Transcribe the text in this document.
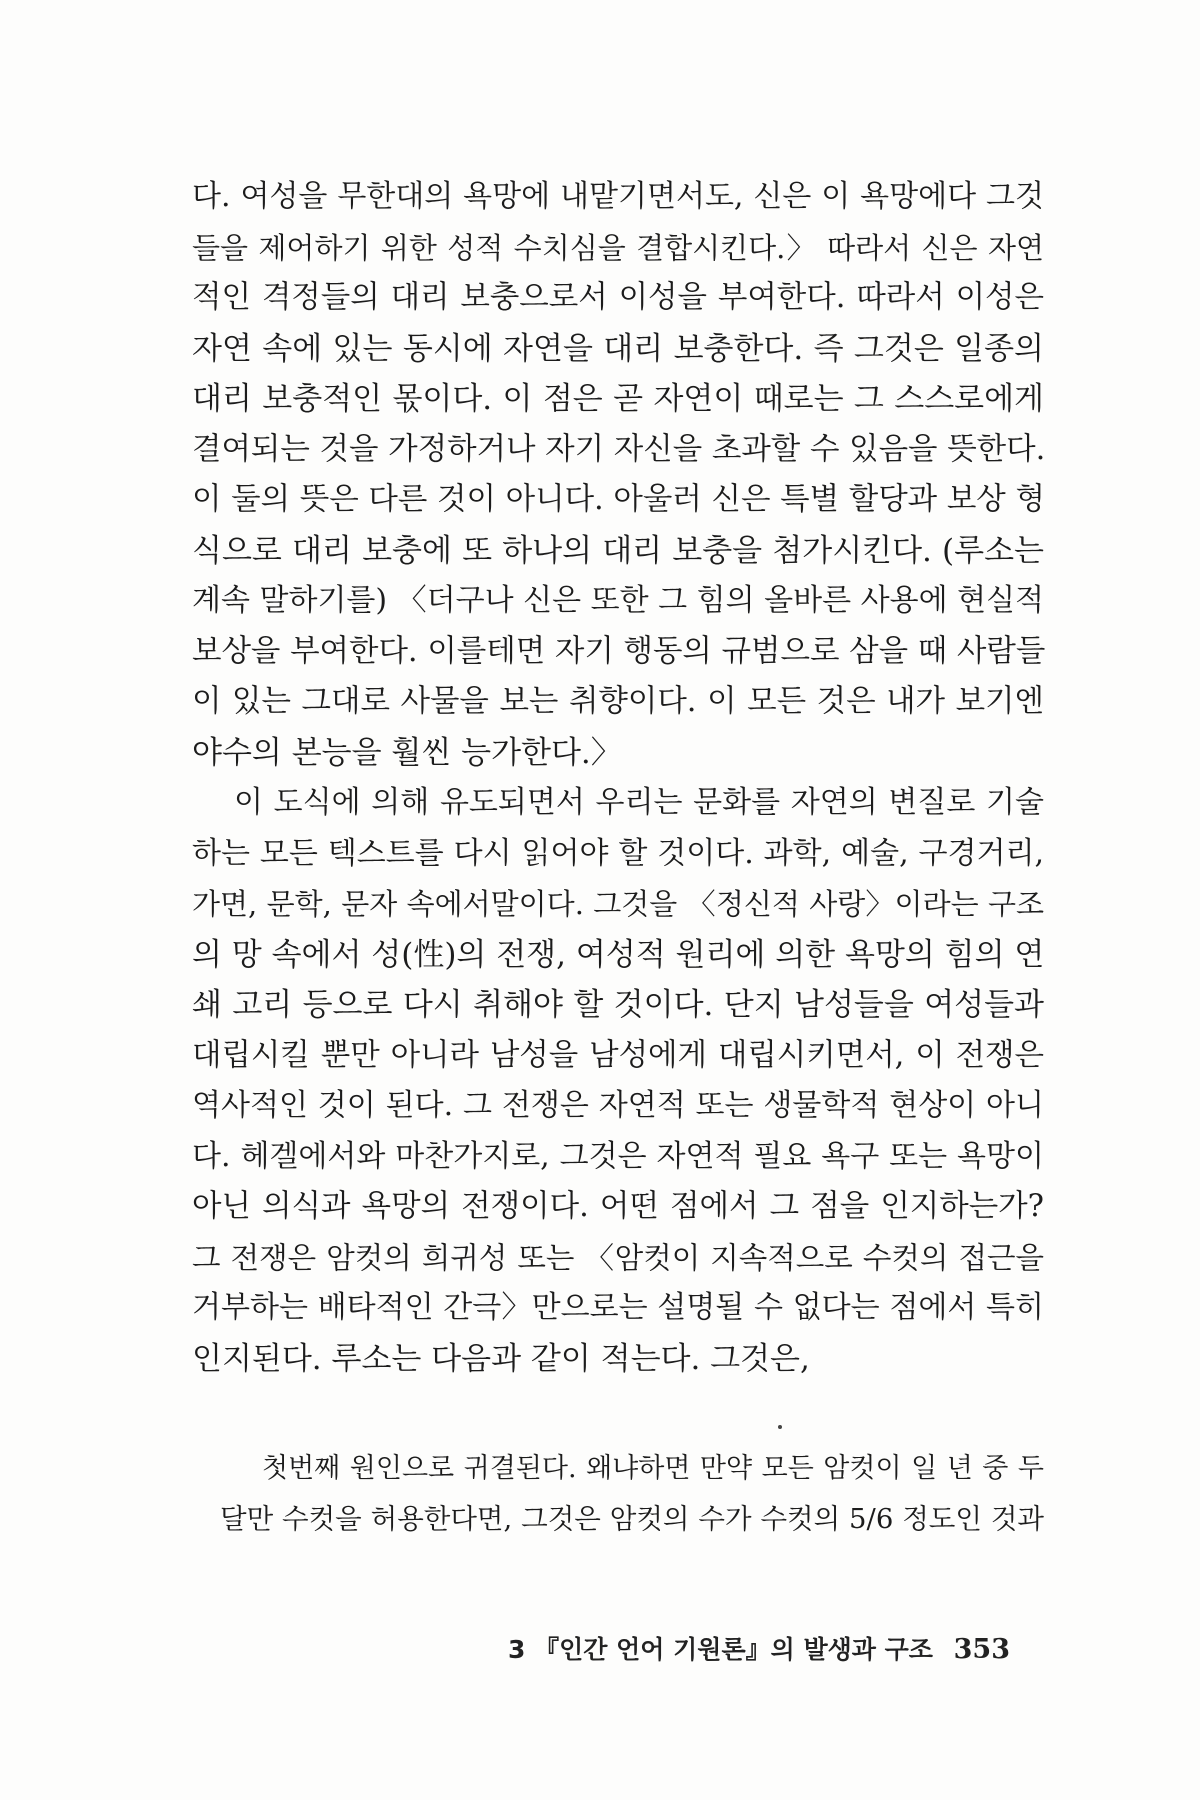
다. 여성을 무한대의 욕망에 내맡기면서도, 신은 이 욕망에다 그것
들을 제어하기 위한 성적 수치심을 결합시킨다.〉 따라서 신은 자연
적인 격정들의 대리 보충으로서 이성을 부여한다. 따라서 이성은
자연 속에 있는 동시에 자연을 대리 보충한다. 즉 그것은 일종의
대리 보충적인 몫이다. 이 점은 곧 자연이 때로는 그 스스로에게
결여되는 것을 가정하거나 자기 자신을 초과할 수 있음을 뜻한다.
이 둘의 뜻은 다른 것이 아니다. 아울러 신은 특별 할당과 보상 형
식으로 대리 보충에 또 하나의 대리 보충을 첨가시킨다. (루소는
계속 말하기를) 〈더구나 신은 또한 그 힘의 올바른 사용에 현실적
보상을 부여한다. 이를테면 자기 행동의 규범으로 삼을 때 사람들
이 있는 그대로 사물을 보는 취향이다. 이 모든 것은 내가 보기엔
야수의 본능을 훨씬 능가한다.〉
이 도식에 의해 유도되면서 우리는 문화를 자연의 변질로 기술
하는 모든 텍스트를 다시 읽어야 할 것이다. 과학, 예술, 구경거리,
가면, 문학, 문자 속에서말이다. 그것을 〈정신적 사랑〉이라는 구조
의 망 속에서 성(性)의 전쟁, 여성적 원리에 의한 욕망의 힘의 연
쇄 고리 등으로 다시 취해야 할 것이다. 단지 남성들을 여성들과
대립시킬 뿐만 아니라 남성을 남성에게 대립시키면서, 이 전쟁은
역사적인 것이 된다. 그 전쟁은 자연적 또는 생물학적 현상이 아니
다. 헤겔에서와 마찬가지로, 그것은 자연적 필요 욕구 또는 욕망이
아닌 의식과 욕망의 전쟁이다. 어떤 점에서 그 점을 인지하는가?
그 전쟁은 암컷의 희귀성 또는 〈암컷이 지속적으로 수컷의 접근을
거부하는 배타적인 간극〉만으로는 설명될 수 없다는 점에서 특히
인지된다. 루소는 다음과 같이 적는다. 그것은,
첫번째 원인으로 귀결된다. 왜냐하면 만약 모든 암컷이 일 년 중 두
달만 수컷을 허용한다면, 그것은 암컷의 수가 수컷의 5/6 정도인 것과
3 『인간 언어 기원론』의 발생과 구조 353
